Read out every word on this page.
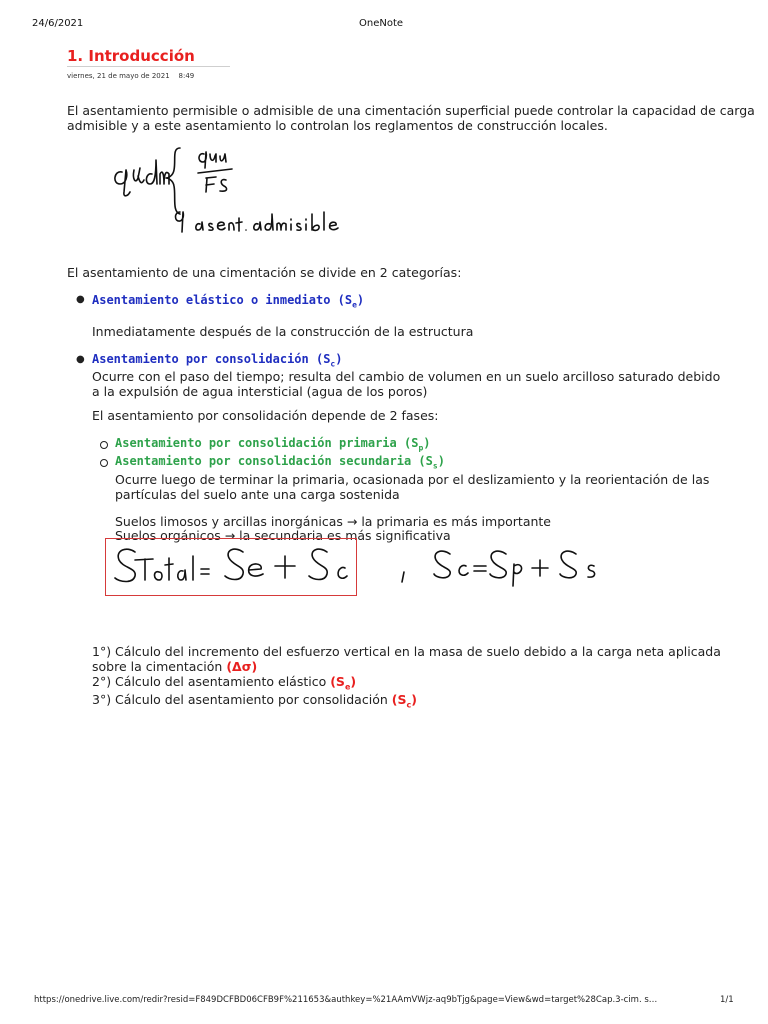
24/6/2021	OneNote
1. Introducción
viernes, 21 de mayo de 2021    8:49
El asentamiento permisible o admisible de una cimentación superficial puede controlar la capacidad de carga
admisible y a este asentamiento lo controlan los reglamentos de construcción locales.
El asentamiento de una cimentación se divide en 2 categorías:
● Asentamiento elástico o inmediato $(S_e)$
Inmediatamente después de la construcción de la estructura
● Asentamiento por consolidación $(S_c)$
Ocurre con el paso del tiempo; resulta del cambio de volumen en un suelo arcilloso saturado debido
a la expulsión de agua intersticial (agua de los poros)
El asentamiento por consolidación depende de 2 fases:
Asentamiento por consolidación primaria $(S_p)$
Asentamiento por consolidación secundaria $(S_s)$
Ocurre luego de terminar la primaria, ocasionada por el deslizamiento y la reorientación de las
partículas del suelo ante una carga sostenida
Suelos limosos y arcillas inorgánicas → la primaria es más importante
Suelos orgánicos → la secundaria es más significativa
1°) Cálculo del incremento del esfuerzo vertical en la masa de suelo debido a la carga neta aplicada
sobre la cimentación (Δσ)
2°) Cálculo del asentamiento elástico $(S_e)$
3°) Cálculo del asentamiento por consolidación $(S_c)$
https://onedrive.live.com/redir?resid=F849DCFBD06CFB9F%211653&authkey=%21AAmVWjz-aq9bTjg&page=View&wd=target%28Cap.3-cim. s…	1/1
